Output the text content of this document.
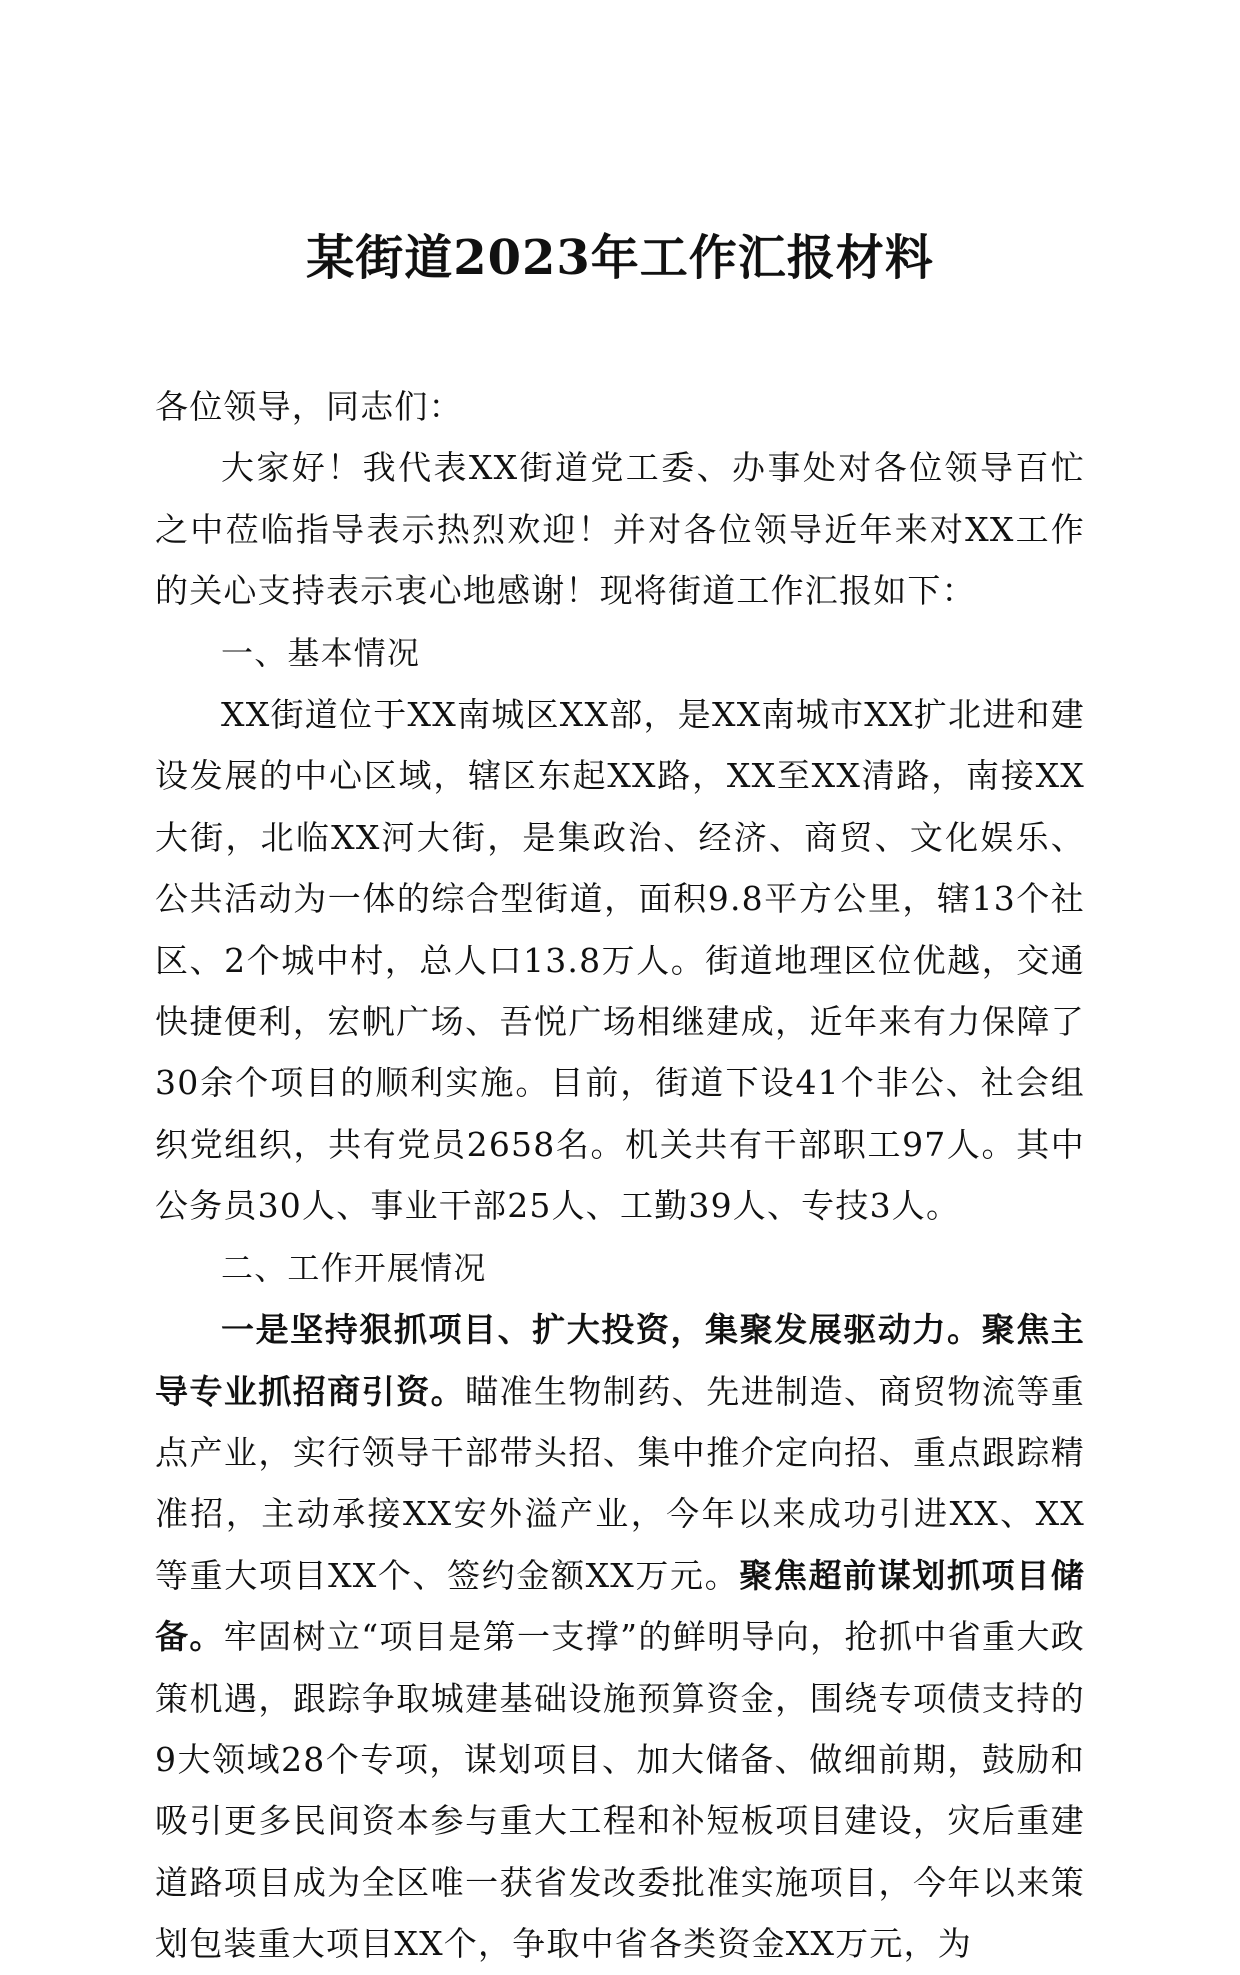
某街道2023年工作汇报材料

各位领导，同志们：

大家好！我代表XX街道党工委、办事处对各位领导百忙之中莅临指导表示热烈欢迎！并对各位领导近年来对XX工作的关心支持表示衷心地感谢！现将街道工作汇报如下：

一、基本情况

XX街道位于XX南城区XX部，是XX南城市XX扩北进和建设发展的中心区域，辖区东起XX路，XX至XX清路，南接XX大街，北临XX河大街，是集政治、经济、商贸、文化娱乐、公共活动为一体的综合型街道，面积9.8平方公里，辖13个社区、2个城中村，总人口13.8万人。街道地理区位优越，交通快捷便利，宏帆广场、吾悦广场相继建成，近年来有力保障了30余个项目的顺利实施。目前，街道下设41个非公、社会组织党组织，共有党员2658名。机关共有干部职工97人。其中公务员30人、事业干部25人、工勤39人、专技3人。

二、工作开展情况

一是坚持狠抓项目、扩大投资，集聚发展驱动力。聚焦主导专业抓招商引资。瞄准生物制药、先进制造、商贸物流等重点产业，实行领导干部带头招、集中推介定向招、重点跟踪精准招，主动承接XX安外溢产业，今年以来成功引进XX、XX等重大项目XX个、签约金额XX万元。聚焦超前谋划抓项目储备。牢固树立“项目是第一支撑”的鲜明导向，抢抓中省重大政策机遇，跟踪争取城建基础设施预算资金，围绕专项债支持的9大领域28个专项，谋划项目、加大储备、做细前期，鼓励和吸引更多民间资本参与重大工程和补短板项目建设，灾后重建道路项目成为全区唯一获省发改委批准实施项目，今年以来策划包装重大项目XX个，争取中省各类资金XX万元，为
